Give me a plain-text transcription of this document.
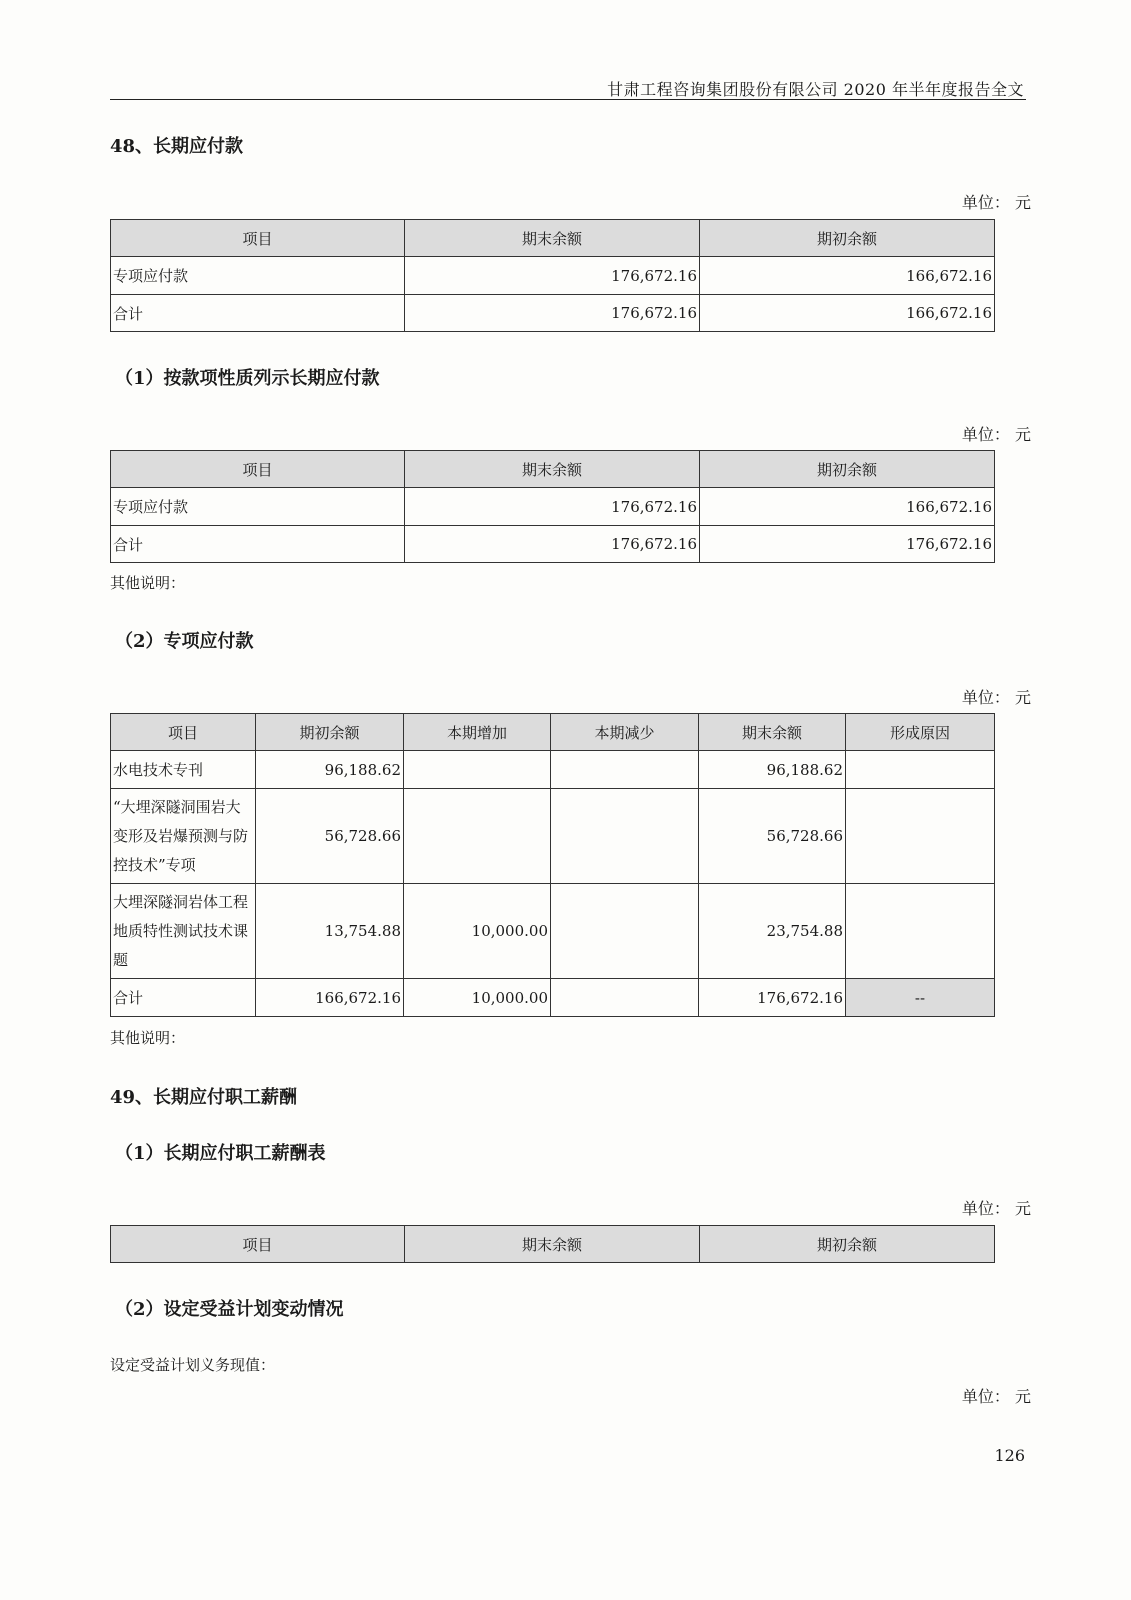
甘肃工程咨询集团股份有限公司 2020 年半年度报告全文
48、长期应付款
单位： 元
项目	期末余额	期初余额
专项应付款	176,672.16	166,672.16
合计	176,672.16	166,672.16
（1）按款项性质列示长期应付款
单位： 元
项目	期末余额	期初余额
专项应付款	176,672.16	166,672.16
合计	176,672.16	176,672.16
其他说明：
（2）专项应付款
单位： 元
项目	期初余额	本期增加	本期减少	期末余额	形成原因
水电技术专刊	96,188.62			96,188.62	
“大埋深隧洞围岩大变形及岩爆预测与防控技术”专项	56,728.66			56,728.66	
大埋深隧洞岩体工程地质特性测试技术课题	13,754.88	10,000.00		23,754.88	
合计	166,672.16	10,000.00		176,672.16	--
其他说明：
49、长期应付职工薪酬
（1）长期应付职工薪酬表
单位： 元
项目	期末余额	期初余额
（2）设定受益计划变动情况
设定受益计划义务现值：
单位： 元
126
